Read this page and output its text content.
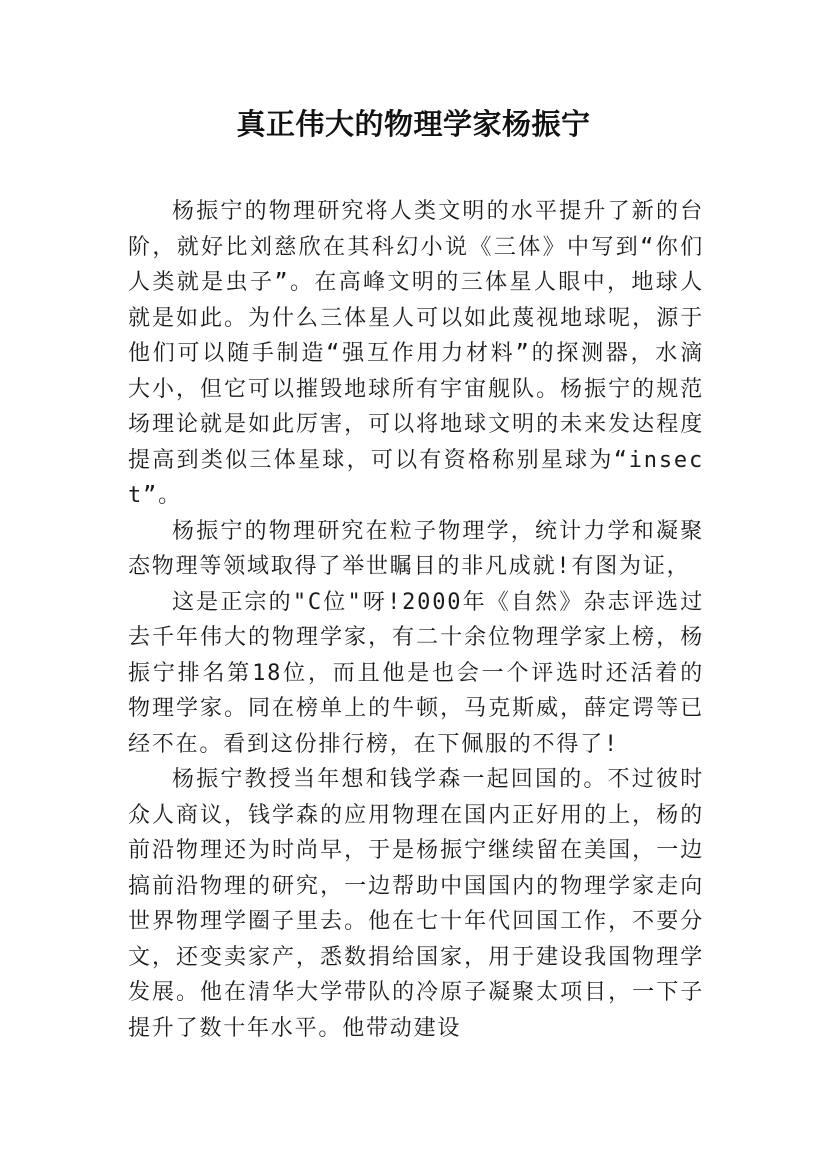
真正伟大的物理学家杨振宁

杨振宁的物理研究将人类文明的水平提升了新的台阶，就好比刘慈欣在其科幻小说《三体》中写到“你们人类就是虫子”。在高峰文明的三体星人眼中，地球人就是如此。为什么三体星人可以如此蔑视地球呢，源于他们可以随手制造“强互作用力材料”的探测器，水滴大小，但它可以摧毁地球所有宇宙舰队。杨振宁的规范场理论就是如此厉害，可以将地球文明的未来发达程度提高到类似三体星球，可以有资格称别星球为“insect”。

杨振宁的物理研究在粒子物理学，统计力学和凝聚态物理等领域取得了举世瞩目的非凡成就!有图为证，

这是正宗的"C位"呀!2000年《自然》杂志评选过去千年伟大的物理学家，有二十余位物理学家上榜，杨振宁排名第18位，而且他是也会一个评选时还活着的物理学家。同在榜单上的牛顿，马克斯威，薛定谔等已经不在。看到这份排行榜，在下佩服的不得了!

杨振宁教授当年想和钱学森一起回国的。不过彼时众人商议，钱学森的应用物理在国内正好用的上，杨的前沿物理还为时尚早，于是杨振宁继续留在美国，一边搞前沿物理的研究，一边帮助中国国内的物理学家走向世界物理学圈子里去。他在七十年代回国工作，不要分文，还变卖家产，悉数捐给国家，用于建设我国物理学发展。他在清华大学带队的冷原子凝聚太项目，一下子提升了数十年水平。他带动建设
